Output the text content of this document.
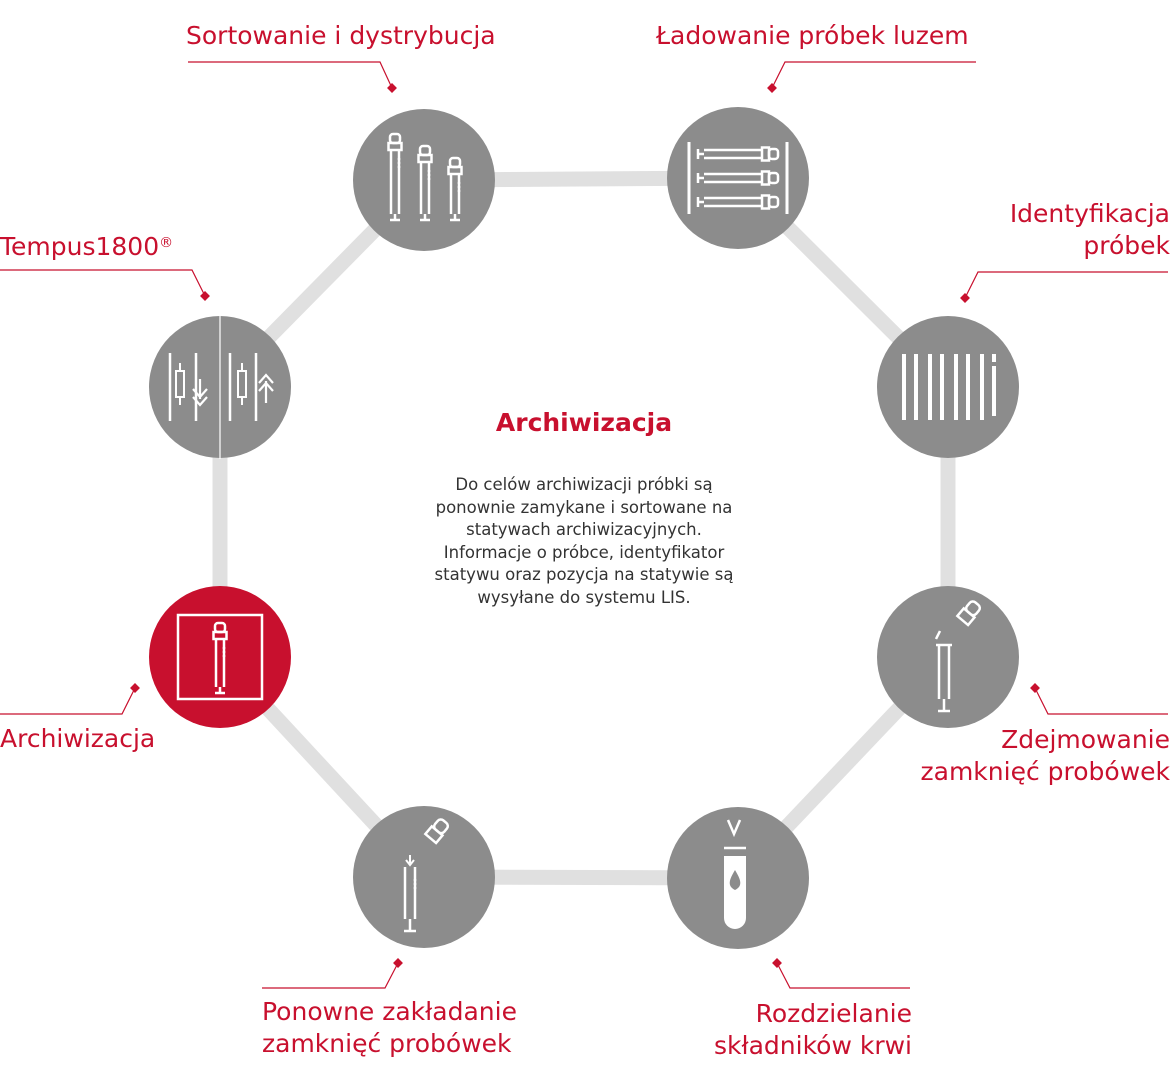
Sortowanie i dystrybucja	Ładowanie próbek luzem
Identyfikacja
próbek
Zdejmowanie
zamknięć probówek
Rozdzielanie
składników krwi
Ponowne zakładanie
zamknięć probówek
Archiwizacja
Tempus1800®
Archiwizacja
Do celów archiwizacji próbki są ponownie zamykane i sortowane na statywach archiwizacyjnych. Informacje o próbce, identyfikator statywu oraz pozycja na statywie są wysyłane do systemu LIS.
